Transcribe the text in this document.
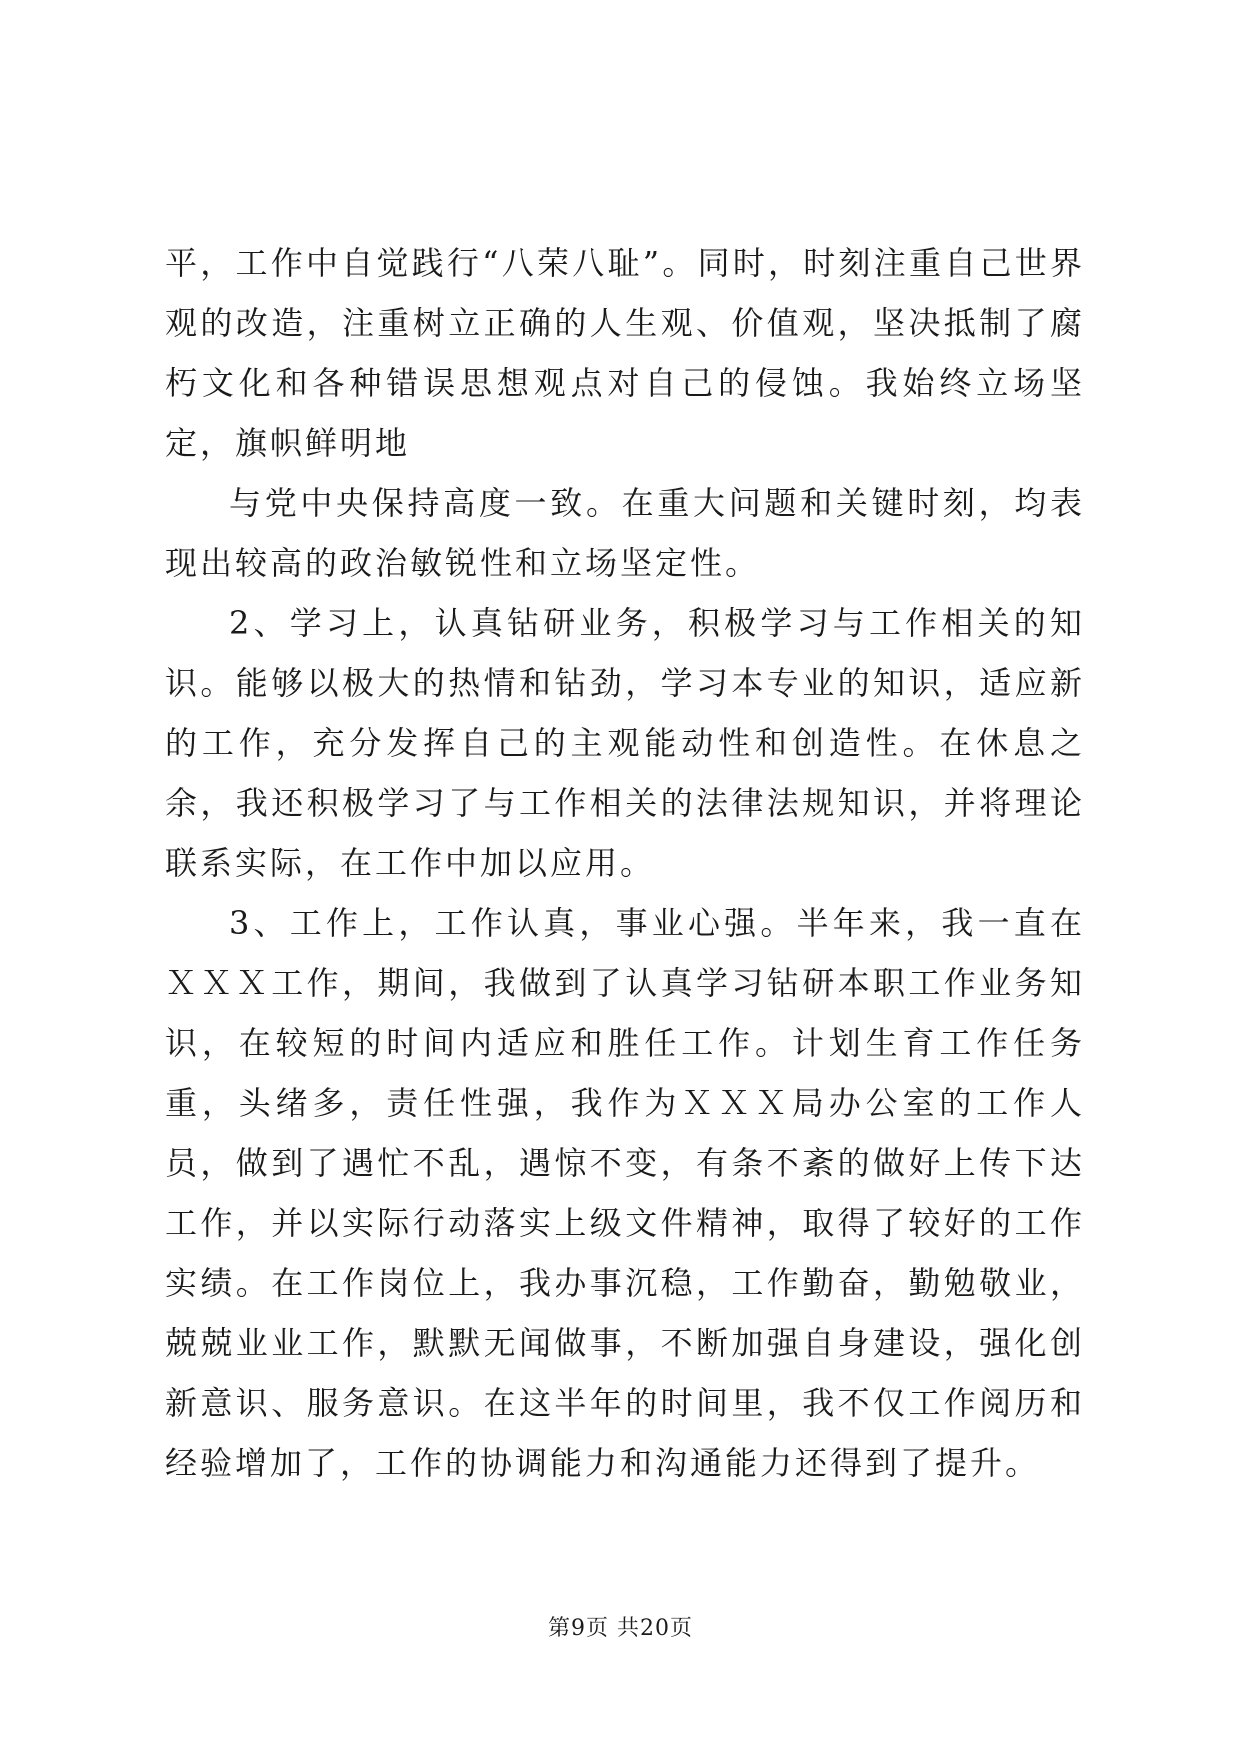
平，工作中自觉践行“八荣八耻”。同时，时刻注重自己世界观的改造，注重树立正确的人生观、价值观，坚决抵制了腐朽文化和各种错误思想观点对自己的侵蚀。我始终立场坚定，旗帜鲜明地

与党中央保持高度一致。在重大问题和关键时刻，均表现出较高的政治敏锐性和立场坚定性。

2、学习上，认真钻研业务，积极学习与工作相关的知识。能够以极大的热情和钻劲，学习本专业的知识，适应新的工作，充分发挥自己的主观能动性和创造性。在休息之余，我还积极学习了与工作相关的法律法规知识，并将理论联系实际，在工作中加以应用。

3、工作上，工作认真，事业心强。半年来，我一直在ＸＸＸ工作，期间，我做到了认真学习钻研本职工作业务知识，在较短的时间内适应和胜任工作。计划生育工作任务重，头绪多，责任性强，我作为ＸＸＸ局办公室的工作人员，做到了遇忙不乱，遇惊不变，有条不紊的做好上传下达工作，并以实际行动落实上级文件精神，取得了较好的工作实绩。在工作岗位上，我办事沉稳，工作勤奋，勤勉敬业，兢兢业业工作，默默无闻做事，不断加强自身建设，强化创新意识、服务意识。在这半年的时间里，我不仅工作阅历和经验增加了，工作的协调能力和沟通能力还得到了提升。

第9页 共20页
